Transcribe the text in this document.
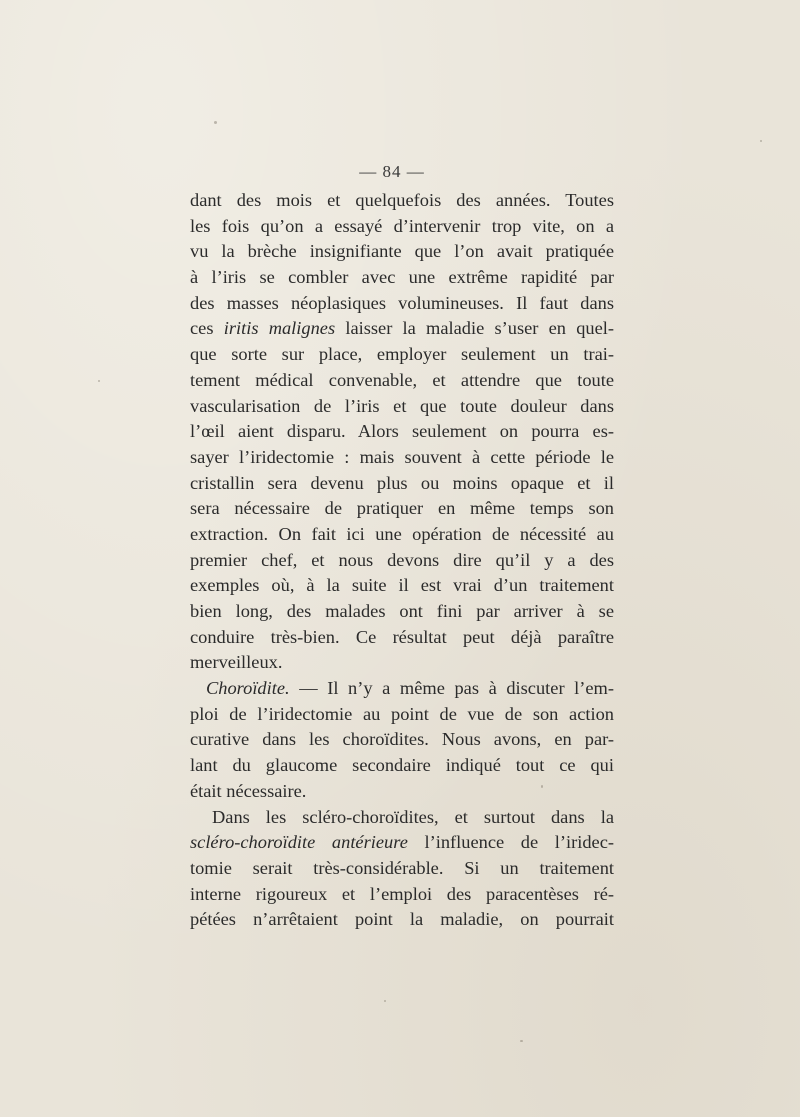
— 84 —
dant des mois et quelquefois des années. Toutes
les fois qu’on a essayé d’intervenir trop vite, on a
vu la brèche insignifiante que l’on avait pratiquée
à l’iris se combler avec une extrême rapidité par
des masses néoplasiques volumineuses. Il faut dans
ces iritis malignes laisser la maladie s’user en quel-
que sorte sur place, employer seulement un trai-
tement médical convenable, et attendre que toute
vascularisation de l’iris et que toute douleur dans
l’œil aient disparu. Alors seulement on pourra es-
sayer l’iridectomie : mais souvent à cette période le
cristallin sera devenu plus ou moins opaque et il
sera nécessaire de pratiquer en même temps son
extraction. On fait ici une opération de nécessité au
premier chef, et nous devons dire qu’il y a des
exemples où, à la suite il est vrai d’un traitement
bien long, des malades ont fini par arriver à se
conduire très-bien. Ce résultat peut déjà paraître
merveilleux.
Choroïdite. — Il n’y a même pas à discuter l’em-
ploi de l’iridectomie au point de vue de son action
curative dans les choroïdites. Nous avons, en par-
lant du glaucome secondaire indiqué tout ce qui
était nécessaire.
Dans les scléro-choroïdites, et surtout dans la
scléro-choroïdite antérieure l’influence de l’iridec-
tomie serait très-considérable. Si un traitement
interne rigoureux et l’emploi des paracentèses ré-
pétées n’arrêtaient point la maladie, on pourrait
